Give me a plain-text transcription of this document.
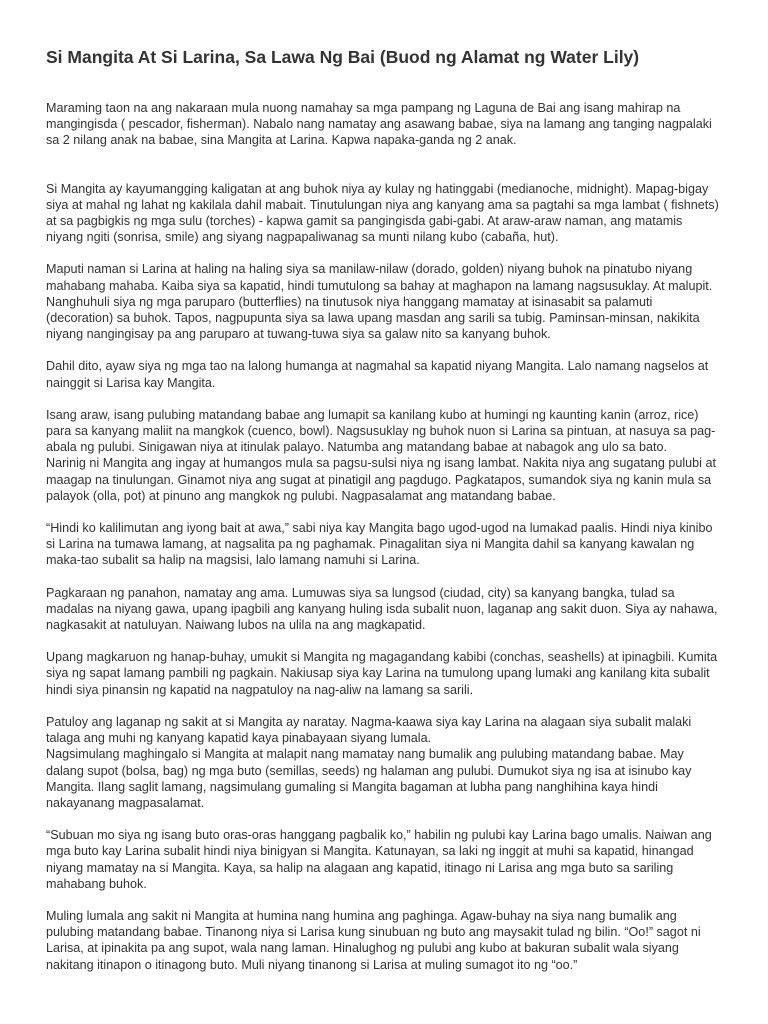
Si Mangita At Si Larina, Sa Lawa Ng Bai (Buod ng Alamat ng Water Lily)

Maraming taon na ang nakaraan mula nuong namahay sa mga pampang ng Laguna de Bai ang isang mahirap na mangingisda ( pescador, fisherman). Nabalo nang namatay ang asawang babae, siya na lamang ang tanging nagpalaki sa 2 nilang anak na babae, sina Mangita at Larina. Kapwa napaka-ganda ng 2 anak.

Si Mangita ay kayumangging kaligatan at ang buhok niya ay kulay ng hatinggabi (medianoche, midnight). Mapag-bigay siya at mahal ng lahat ng kakilala dahil mabait. Tinutulungan niya ang kanyang ama sa pagtahi sa mga lambat ( fishnets) at sa pagbigkis ng mga sulu (torches) - kapwa gamit sa pangingisda gabi-gabi. At araw-araw naman, ang matamis niyang ngiti (sonrisa, smile) ang siyang nagpapaliwanag sa munti nilang kubo (cabaña, hut).

Maputi naman si Larina at haling na haling siya sa manilaw-nilaw (dorado, golden) niyang buhok na pinatubo niyang mahabang mahaba. Kaiba siya sa kapatid, hindi tumutulong sa bahay at maghapon na lamang nagsusuklay. At malupit. Nanghuhuli siya ng mga paruparo (butterflies) na tinutusok niya hanggang mamatay at isinasabit sa palamuti (decoration) sa buhok. Tapos, nagpupunta siya sa lawa upang masdan ang sarili sa tubig. Paminsan-minsan, nakikita niyang nangingisay pa ang paruparo at tuwang-tuwa siya sa galaw nito sa kanyang buhok.

Dahil dito, ayaw siya ng mga tao na lalong humanga at nagmahal sa kapatid niyang Mangita. Lalo namang nagselos at nainggit si Larisa kay Mangita.

Isang araw, isang pulubing matandang babae ang lumapit sa kanilang kubo at humingi ng kaunting kanin (arroz, rice) para sa kanyang maliit na mangkok (cuenco, bowl). Nagsusuklay ng buhok nuon si Larina sa pintuan, at nasuya sa pag-abala ng pulubi. Sinigawan niya at itinulak palayo. Natumba ang matandang babae at nabagok ang ulo sa bato.

Narinig ni Mangita ang ingay at humangos mula sa pagsu-sulsi niya ng isang lambat. Nakita niya ang sugatang pulubi at maagap na tinulungan. Ginamot niya ang sugat at pinatigil ang pagdugo. Pagkatapos, sumandok siya ng kanin mula sa palayok (olla, pot) at pinuno ang mangkok ng pulubi. Nagpasalamat ang matandang babae.

“Hindi ko kalilimutan ang iyong bait at awa,” sabi niya kay Mangita bago ugod-ugod na lumakad paalis. Hindi niya kinibo si Larina na tumawa lamang, at nagsalita pa ng paghamak. Pinagalitan siya ni Mangita dahil sa kanyang kawalan ng maka-tao subalit sa halip na magsisi, lalo lamang namuhi si Larina.

Pagkaraan ng panahon, namatay ang ama. Lumuwas siya sa lungsod (ciudad, city) sa kanyang bangka, tulad sa madalas na niyang gawa, upang ipagbili ang kanyang huling isda subalit nuon, laganap ang sakit duon. Siya ay nahawa, nagkasakit at natuluyan. Naiwang lubos na ulila na ang magkapatid.

Upang magkaruon ng hanap-buhay, umukit si Mangita ng magagandang kabibi (conchas, seashells) at ipinagbili. Kumita siya ng sapat lamang pambili ng pagkain. Nakiusap siya kay Larina na tumulong upang lumaki ang kanilang kita subalit hindi siya pinansin ng kapatid na nagpatuloy na nag-aliw na lamang sa sarili.

Patuloy ang laganap ng sakit at si Mangita ay naratay. Nagma-kaawa siya kay Larina na alagaan siya subalit malaki talaga ang muhi ng kanyang kapatid kaya pinabayaan siyang lumala.

Nagsimulang maghingalo si Mangita at malapit nang mamatay nang bumalik ang pulubing matandang babae. May dalang supot (bolsa, bag) ng mga buto (semillas, seeds) ng halaman ang pulubi. Dumukot siya ng isa at isinubo kay Mangita. Ilang saglit lamang, nagsimulang gumaling si Mangita bagaman at lubha pang nanghihina kaya hindi nakayanang magpasalamat.

“Subuan mo siya ng isang buto oras-oras hanggang pagbalik ko,” habilin ng pulubi kay Larina bago umalis. Naiwan ang mga buto kay Larina subalit hindi niya binigyan si Mangita. Katunayan, sa laki ng inggit at muhi sa kapatid, hinangad niyang mamatay na si Mangita. Kaya, sa halip na alagaan ang kapatid, itinago ni Larisa ang mga buto sa sariling mahabang buhok.

Muling lumala ang sakit ni Mangita at humina nang humina ang paghinga. Agaw-buhay na siya nang bumalik ang pulubing matandang babae. Tinanong niya si Larisa kung sinubuan ng buto ang maysakit tulad ng bilin. “Oo!” sagot ni Larisa, at ipinakita pa ang supot, wala nang laman. Hinalughog ng pulubi ang kubo at bakuran subalit wala siyang nakitang itinapon o itinagong buto. Muli niyang tinanong si Larisa at muling sumagot ito ng “oo.”
